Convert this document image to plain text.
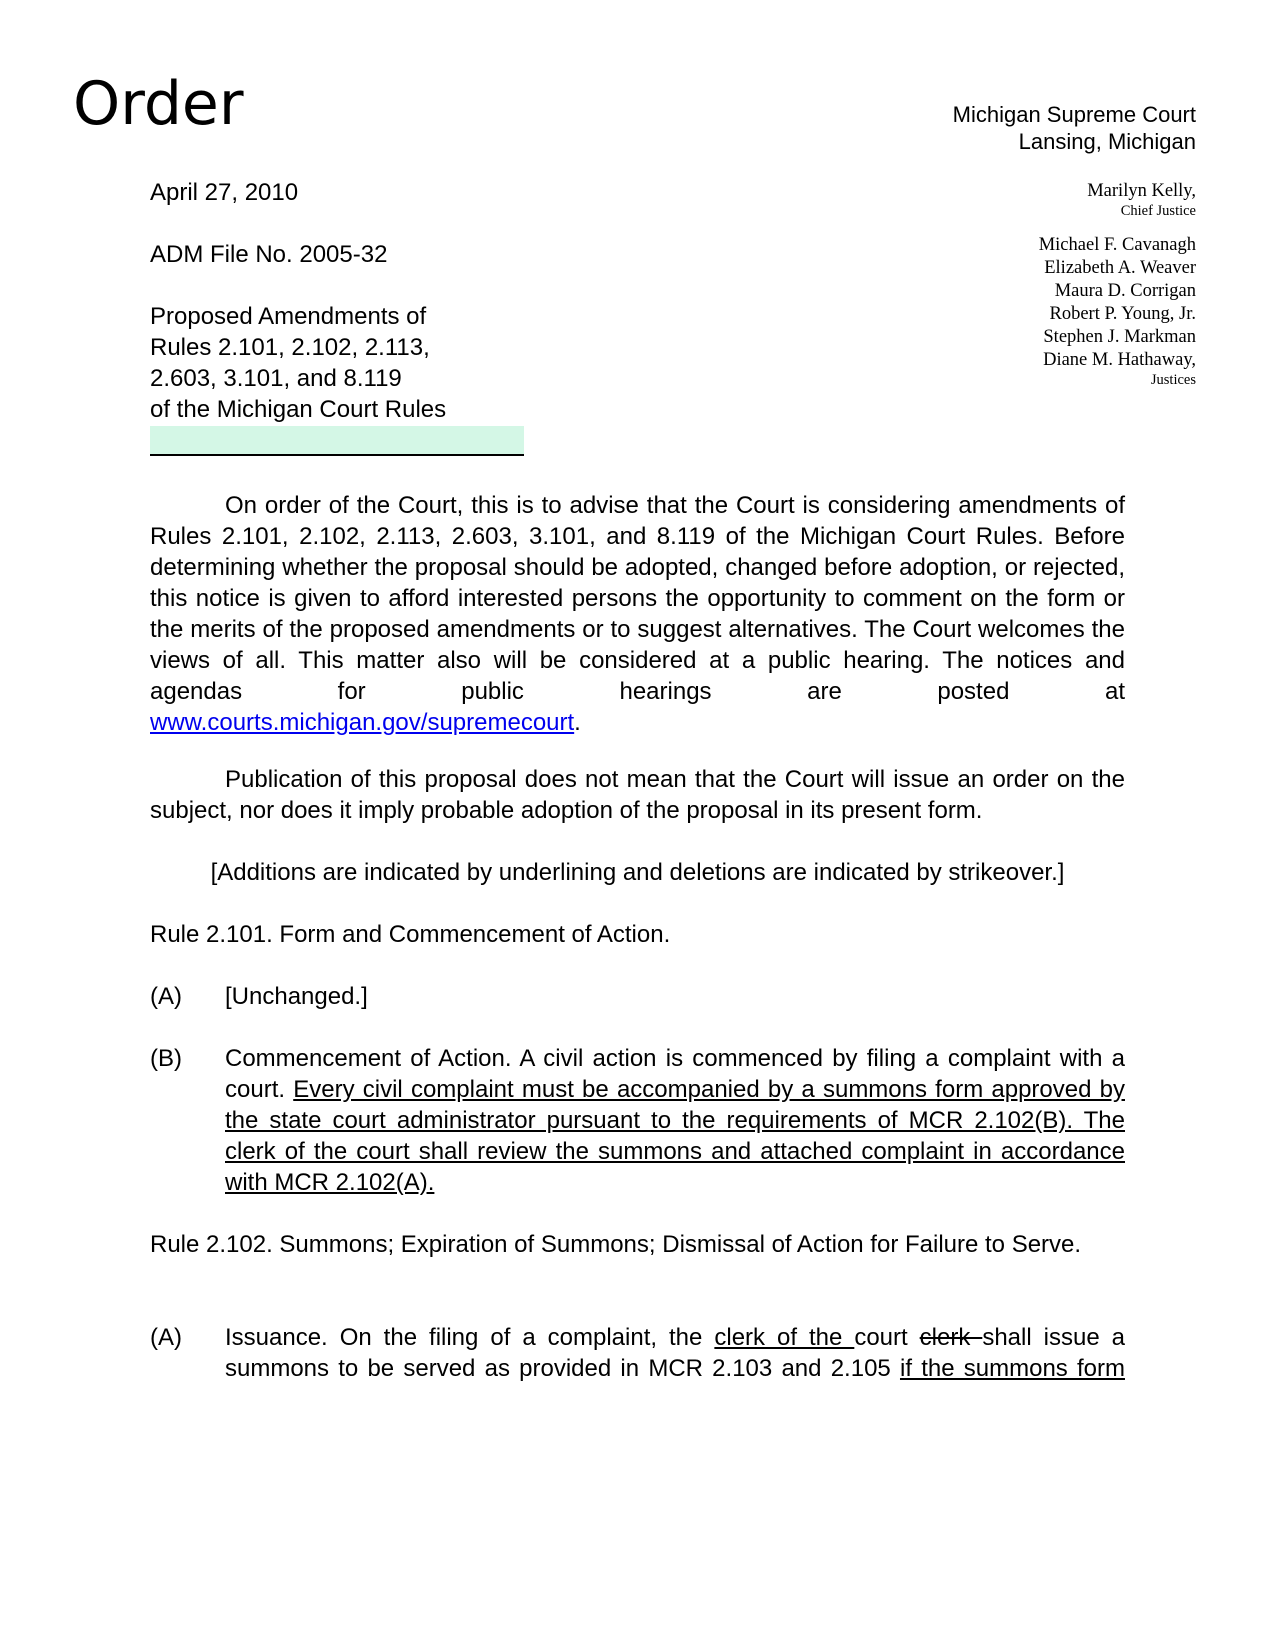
Order	Michigan Supreme Court
Lansing, Michigan
Marilyn Kelly,
Chief Justice
Michael F. Cavanagh
Elizabeth A. Weaver
Maura D. Corrigan
Robert P. Young, Jr.
Stephen J. Markman
Diane M. Hathaway,
Justices
April 27, 2010
ADM File No. 2005-32
Proposed Amendments of
Rules 2.101, 2.102, 2.113,
2.603, 3.101, and 8.119
of the Michigan Court Rules
On order of the Court, this is to advise that the Court is considering amendments of Rules 2.101, 2.102, 2.113, 2.603, 3.101, and 8.119 of the Michigan Court Rules. Before determining whether the proposal should be adopted, changed before adoption, or rejected, this notice is given to afford interested persons the opportunity to comment on the form or the merits of the proposed amendments or to suggest alternatives. The Court welcomes the views of all. This matter also will be considered at a public hearing. The notices and agendas for public hearings are posted at
www.courts.michigan.gov/supremecourt.
Publication of this proposal does not mean that the Court will issue an order on the subject, nor does it imply probable adoption of the proposal in its present form.
[Additions are indicated by underlining and deletions are indicated by strikeover.]
Rule 2.101. Form and Commencement of Action.
(A) [Unchanged.]
(B) Commencement of Action. A civil action is commenced by filing a complaint with a court. Every civil complaint must be accompanied by a summons form approved by the state court administrator pursuant to the requirements of MCR 2.102(B). The clerk of the court shall review the summons and attached complaint in accordance with MCR 2.102(A).
Rule 2.102. Summons; Expiration of Summons; Dismissal of Action for Failure to Serve.
(A) Issuance. On the filing of a complaint, the clerk of the court clerk shall issue a summons to be served as provided in MCR 2.103 and 2.105 if the summons form
